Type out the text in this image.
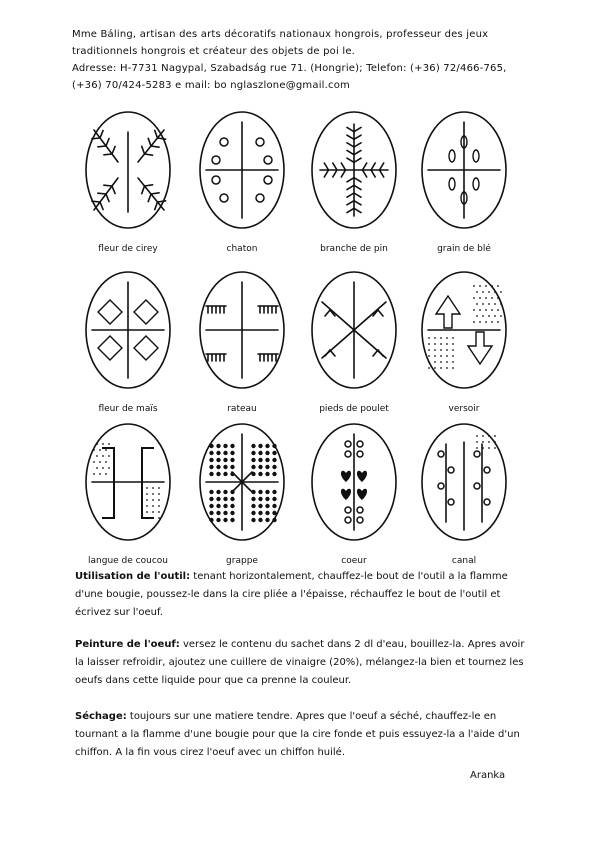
Mme Báling, artisan des arts décoratifs nationaux hongrois, professeur des jeux
traditionnels hongrois et créateur des objets de poi le.
Adresse: H-7731 Nagypal, Szabadság rue 71. (Hongrie); Telefon: (+36) 72/466-765,
(+36) 70/424-5283 e mail: bo nglaszlone@gmail.com
fleur de cirey	chaton	branche de pin	grain de blé
fleur de maïs	rateau	pieds de poulet	versoir
langue de coucou	grappe	coeur	canal
Utilisation de l'outil: tenant horizontalement, chauffez-le bout de l'outil a la flamme d'une bougie, poussez-le dans la cire pliée a l'épaisse, réchauffez le bout de l'outil et écrivez sur l'oeuf.
Peinture de l'oeuf: versez le contenu du sachet dans 2 dl d'eau, bouillez-la. Apres avoir la laisser refroidir, ajoutez une cuillere de vinaigre (20%), mélangez-la bien et tournez les oeufs dans cette liquide pour que ca prenne la couleur.
Séchage: toujours sur une matiere tendre. Apres que l'oeuf a séché, chauffez-le en tournant a la flamme d'une bougie pour que la cire fonde et puis essuyez-la a l'aide d'un chiffon. A la fin vous cirez l'oeuf avec un chiffon huilé.
Aranka
